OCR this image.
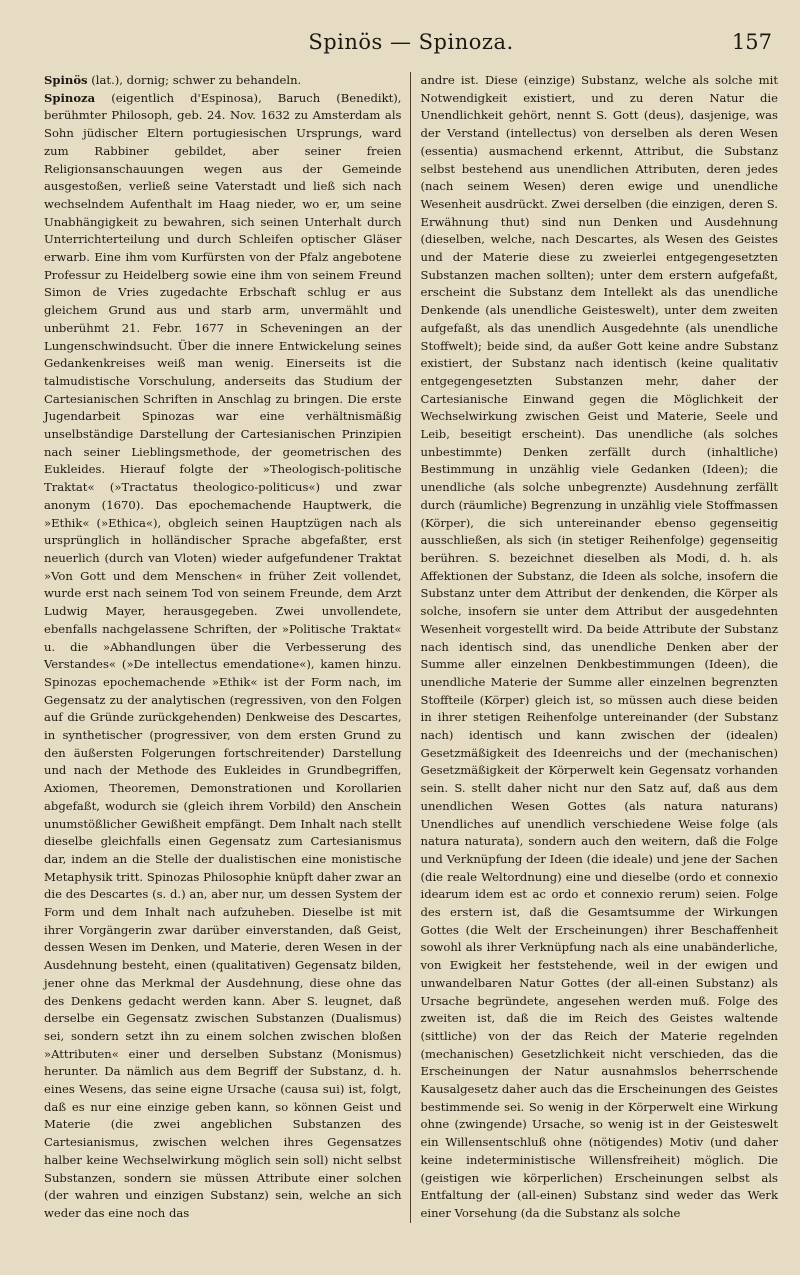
Spinös — Spinoza.	157

Spinös (lat.), dornig; schwer zu behandeln.

Spinoza (eigentlich d'Espinosa), Baruch (Benedikt), berühmter Philosoph, geb. 24. Nov. 1632 zu Amsterdam als Sohn jüdischer Eltern portugiesischen Ursprungs, ward zum Rabbiner gebildet, aber seiner freien Religionsanschauungen wegen aus der Gemeinde ausgestoßen, verließ seine Vaterstadt und ließ sich nach wechselndem Aufenthalt im Haag nieder, wo er, um seine Unabhängigkeit zu bewahren, sich seinen Unterhalt durch Unterrichterteilung und durch Schleifen optischer Gläser erwarb. Eine ihm vom Kurfürsten von der Pfalz angebotene Professur zu Heidelberg sowie eine ihm von seinem Freund Simon de Vries zugedachte Erbschaft schlug er aus gleichem Grund aus und starb arm, unvermählt und unberühmt 21. Febr. 1677 in Scheveningen an der Lungenschwindsucht. Über die innere Entwickelung seines Gedankenkreises weiß man wenig. Einerseits ist die talmudistische Vorschulung, anderseits das Studium der Cartesianischen Schriften in Anschlag zu bringen. Die erste Jugendarbeit Spinozas war eine verhältnismäßig unselbständige Darstellung der Cartesianischen Prinzipien nach seiner Lieblingsmethode, der geometrischen des Eukleides. Hierauf folgte der »Theologisch-politische Traktat« (»Tractatus theologico-politicus«) und zwar anonym (1670). Das epochemachende Hauptwerk, die »Ethik« (»Ethica«), obgleich seinen Hauptzügen nach als ursprünglich in holländischer Sprache abgefaßter, erst neuerlich (durch van Vloten) wieder aufgefundener Traktat »Von Gott und dem Menschen« in früher Zeit vollendet, wurde erst nach seinem Tod von seinem Freunde, dem Arzt Ludwig Mayer, herausgegeben. Zwei unvollendete, ebenfalls nachgelassene Schriften, der »Politische Traktat« u. die »Abhandlungen über die Verbesserung des Verstandes« (»De intellectus emendatione«), kamen hinzu. Spinozas epochemachende »Ethik« ist der Form nach, im Gegensatz zu der analytischen (regressiven, von den Folgen auf die Gründe zurückgehenden) Denkweise des Descartes, in synthetischer (progressiver, von dem ersten Grund zu den äußersten Folgerungen fortschreitender) Darstellung und nach der Methode des Eukleides in Grundbegriffen, Axiomen, Theoremen, Demonstrationen und Korollarien abgefaßt, wodurch sie (gleich ihrem Vorbild) den Anschein unumstößlicher Gewißheit empfängt. Dem Inhalt nach stellt dieselbe gleichfalls einen Gegensatz zum Cartesianismus dar, indem an die Stelle der dualistischen eine monistische Metaphysik tritt. Spinozas Philosophie knüpft daher zwar an die des Descartes (s. d.) an, aber nur, um dessen System der Form und dem Inhalt nach aufzuheben. Dieselbe ist mit ihrer Vorgängerin zwar darüber einverstanden, daß Geist, dessen Wesen im Denken, und Materie, deren Wesen in der Ausdehnung besteht, einen (qualitativen) Gegensatz bilden, jener ohne das Merkmal der Ausdehnung, diese ohne das des Denkens gedacht werden kann. Aber S. leugnet, daß derselbe ein Gegensatz zwischen Substanzen (Dualismus) sei, sondern setzt ihn zu einem solchen zwischen bloßen »Attributen« einer und derselben Substanz (Monismus) herunter. Da nämlich aus dem Begriff der Substanz, d. h. eines Wesens, das seine eigne Ursache (causa sui) ist, folgt, daß es nur eine einzige geben kann, so können Geist und Materie (die zwei angeblichen Substanzen des Cartesianismus, zwischen welchen ihres Gegensatzes halber keine Wechselwirkung möglich sein soll) nicht selbst Substanzen, sondern sie müssen Attribute einer solchen (der wahren und einzigen Substanz) sein, welche an sich weder das eine noch das

andre ist. Diese (einzige) Substanz, welche als solche mit Notwendigkeit existiert, und zu deren Natur die Unendlichkeit gehört, nennt S. Gott (deus), dasjenige, was der Verstand (intellectus) von derselben als deren Wesen (essentia) ausmachend erkennt, Attribut, die Substanz selbst bestehend aus unendlichen Attributen, deren jedes (nach seinem Wesen) deren ewige und unendliche Wesenheit ausdrückt. Zwei derselben (die einzigen, deren S. Erwähnung thut) sind nun Denken und Ausdehnung (dieselben, welche, nach Descartes, als Wesen des Geistes und der Materie diese zu zweierlei entgegengesetzten Substanzen machen sollten); unter dem erstern aufgefaßt, erscheint die Substanz dem Intellekt als das unendliche Denkende (als unendliche Geisteswelt), unter dem zweiten aufgefaßt, als das unendlich Ausgedehnte (als unendliche Stoffwelt); beide sind, da außer Gott keine andre Substanz existiert, der Substanz nach identisch (keine qualitativ entgegengesetzten Substanzen mehr, daher der Cartesianische Einwand gegen die Möglichkeit der Wechselwirkung zwischen Geist und Materie, Seele und Leib, beseitigt erscheint). Das unendliche (als solches unbestimmte) Denken zerfällt durch (inhaltliche) Bestimmung in unzählig viele Gedanken (Ideen); die unendliche (als solche unbegrenzte) Ausdehnung zerfällt durch (räumliche) Begrenzung in unzählig viele Stoffmassen (Körper), die sich untereinander ebenso gegenseitig ausschließen, als sich (in stetiger Reihenfolge) gegenseitig berühren. S. bezeichnet dieselben als Modi, d. h. als Affektionen der Substanz, die Ideen als solche, insofern die Substanz unter dem Attribut der denkenden, die Körper als solche, insofern sie unter dem Attribut der ausgedehnten Wesenheit vorgestellt wird. Da beide Attribute der Substanz nach identisch sind, das unendliche Denken aber der Summe aller einzelnen Denkbestimmungen (Ideen), die unendliche Materie der Summe aller einzelnen begrenzten Stoffteile (Körper) gleich ist, so müssen auch diese beiden in ihrer stetigen Reihenfolge untereinander (der Substanz nach) identisch und kann zwischen der (idealen) Gesetzmäßigkeit des Ideenreichs und der (mechanischen) Gesetzmäßigkeit der Körperwelt kein Gegensatz vorhanden sein. S. stellt daher nicht nur den Satz auf, daß aus dem unendlichen Wesen Gottes (als natura naturans) Unendliches auf unendlich verschiedene Weise folge (als natura naturata), sondern auch den weitern, daß die Folge und Verknüpfung der Ideen (die ideale) und jene der Sachen (die reale Weltordnung) eine und dieselbe (ordo et connexio idearum idem est ac ordo et connexio rerum) seien. Folge des erstern ist, daß die Gesamtsumme der Wirkungen Gottes (die Welt der Erscheinungen) ihrer Beschaffenheit sowohl als ihrer Verknüpfung nach als eine unabänderliche, von Ewigkeit her feststehende, weil in der ewigen und unwandelbaren Natur Gottes (der all-einen Substanz) als Ursache begründete, angesehen werden muß. Folge des zweiten ist, daß die im Reich des Geistes waltende (sittliche) von der das Reich der Materie regelnden (mechanischen) Gesetzlichkeit nicht verschieden, das die Erscheinungen der Natur ausnahmslos beherrschende Kausalgesetz daher auch das die Erscheinungen des Geistes bestimmende sei. So wenig in der Körperwelt eine Wirkung ohne (zwingende) Ursache, so wenig ist in der Geisteswelt ein Willensentschluß ohne (nötigendes) Motiv (und daher keine indeterministische Willensfreiheit) möglich. Die (geistigen wie körperlichen) Erscheinungen selbst als Entfaltung der (all-einen) Substanz sind weder das Werk einer Vorsehung (da die Substanz als solche
